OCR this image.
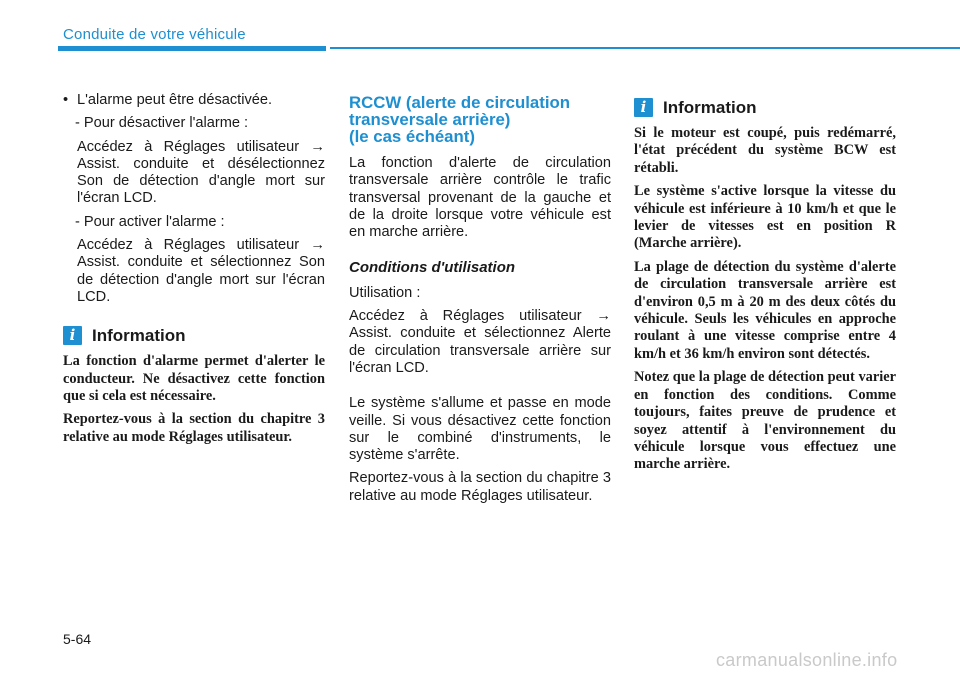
Conduite de votre véhicule

• L'alarme peut être désactivée.

- Pour désactiver l'alarme :

Accédez à Réglages utilisateur → Assist. conduite et désélectionnez Son de détection d'angle mort sur l'écran LCD.

- Pour activer l'alarme :

Accédez à Réglages utilisateur → Assist. conduite et sélectionnez Son de détection d'angle mort sur l'écran LCD.

i Information

La fonction d'alarme permet d'alerter le conducteur. Ne désactivez cette fonction que si cela est nécessaire.

Reportez-vous à la section du chapitre 3 relative au mode Réglages utilisateur.

RCCW (alerte de circulation
transversale arrière)
(le cas échéant)

La fonction d'alerte de circulation transversale arrière contrôle le trafic transversal provenant de la gauche et de la droite lorsque votre véhicule est en marche arrière.

Conditions d'utilisation

Utilisation :

Accédez à Réglages utilisateur → Assist. conduite et sélectionnez Alerte de circulation transversale arrière sur l'écran LCD.

Le système s'allume et passe en mode veille. Si vous désactivez cette fonction sur le combiné d'instruments, le système s'arrête.

Reportez-vous à la section du chapitre 3 relative au mode Réglages utilisateur.

i Information

Si le moteur est coupé, puis redémarré, l'état précédent du système BCW est rétabli.

Le système s'active lorsque la vitesse du véhicule est inférieure à 10 km/h et que le levier de vitesses est en position R (Marche arrière).

La plage de détection du système d'alerte de circulation transversale arrière est d'environ 0,5 m à 20 m des deux côtés du véhicule. Seuls les véhicules en approche roulant à une vitesse comprise entre 4 km/h et 36 km/h environ sont détectés.

Notez que la plage de détection peut varier en fonction des conditions. Comme toujours, faites preuve de prudence et soyez attentif à l'environnement du véhicule lorsque vous effectuez une marche arrière.

5-64
carmanualsonline.info
